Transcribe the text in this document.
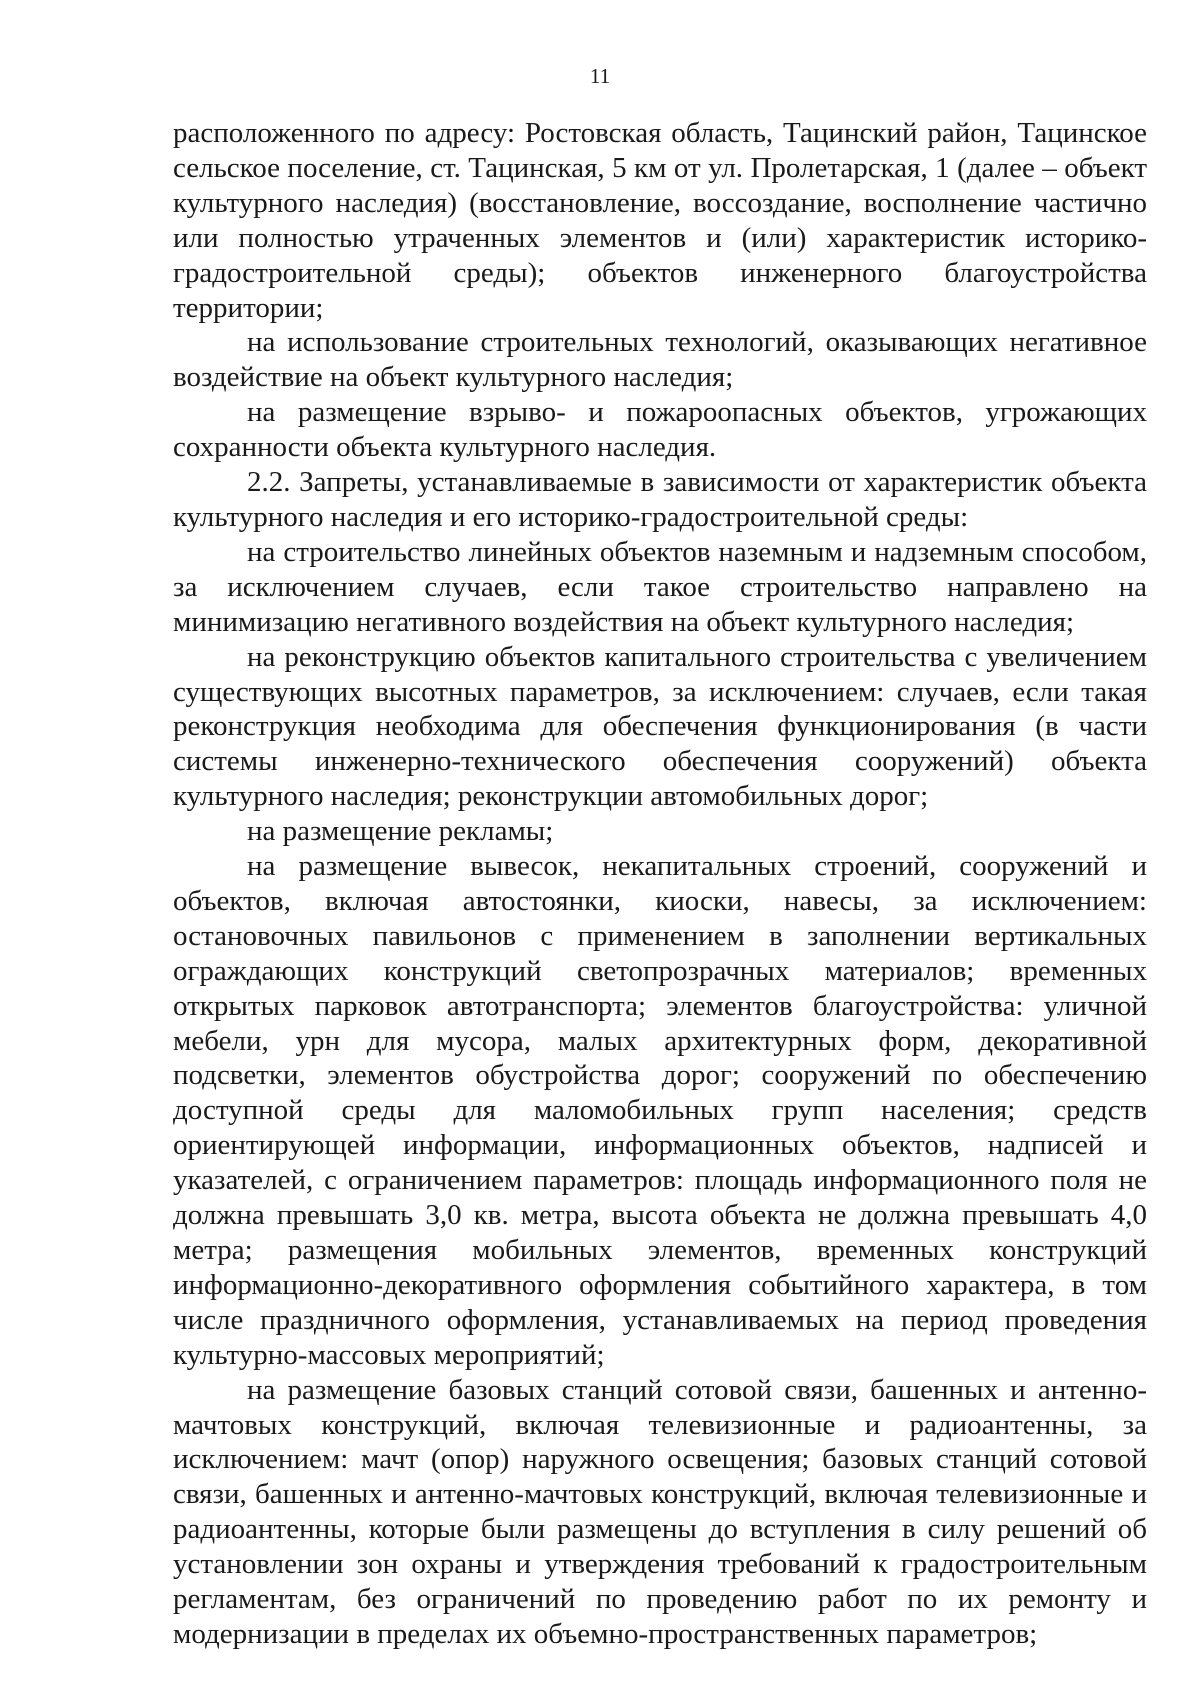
11

расположенного по адресу: Ростовская область, Тацинский район, Тацинское сельское поселение, ст. Тацинская, 5 км от ул. Пролетарская, 1 (далее – объект культурного наследия) (восстановление, воссоздание, восполнение частично или полностью утраченных элементов и (или) характеристик историко-градостроительной среды); объектов инженерного благоустройства территории;

на использование строительных технологий, оказывающих негативное воздействие на объект культурного наследия;

на размещение взрыво- и пожароопасных объектов, угрожающих сохранности объекта культурного наследия.

2.2. Запреты, устанавливаемые в зависимости от характеристик объекта культурного наследия и его историко-градостроительной среды:

на строительство линейных объектов наземным и надземным способом, за исключением случаев, если такое строительство направлено на минимизацию негативного воздействия на объект культурного наследия;

на реконструкцию объектов капитального строительства с увеличением существующих высотных параметров, за исключением: случаев, если такая реконструкция необходима для обеспечения функционирования (в части системы инженерно-технического обеспечения сооружений) объекта культурного наследия; реконструкции автомобильных дорог;

на размещение рекламы;

на размещение вывесок, некапитальных строений, сооружений и объектов, включая автостоянки, киоски, навесы, за исключением: остановочных павильонов с применением в заполнении вертикальных ограждающих конструкций светопрозрачных материалов; временных открытых парковок автотранспорта; элементов благоустройства: уличной мебели, урн для мусора, малых архитектурных форм, декоративной подсветки, элементов обустройства дорог; сооружений по обеспечению доступной среды для маломобильных групп населения; средств ориентирующей информации, информационных объектов, надписей и указателей, с ограничением параметров: площадь информационного поля не должна превышать 3,0 кв. метра, высота объекта не должна превышать 4,0 метра; размещения мобильных элементов, временных конструкций информационно-декоративного оформления событийного характера, в том числе праздничного оформления, устанавливаемых на период проведения культурно-массовых мероприятий;

на размещение базовых станций сотовой связи, башенных и антенно-мачтовых конструкций, включая телевизионные и радиоантенны, за исключением: мачт (опор) наружного освещения; базовых станций сотовой связи, башенных и антенно-мачтовых конструкций, включая телевизионные и радиоантенны, которые были размещены до вступления в силу решений об установлении зон охраны и утверждения требований к градостроительным регламентам, без ограничений по проведению работ по их ремонту и модернизации в пределах их объемно-пространственных параметров;
